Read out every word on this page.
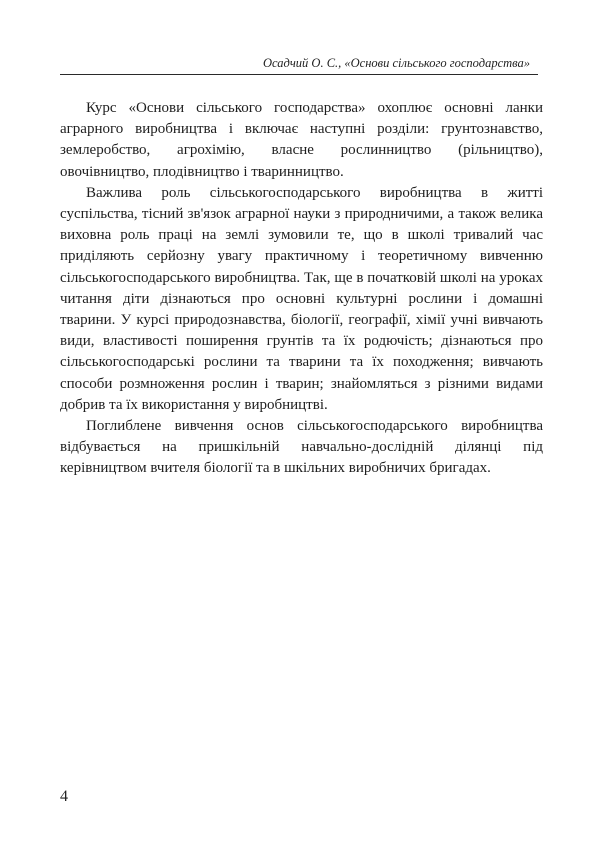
Осадчий О. С., «Основи сільського господарства»

Курс «Основи сільського господарства» охоплює основні ланки аграрного виробництва і включає наступні розділи: грунтознавство, землеробство, агрохімію, власне рослинництво (рільництво), овочівництво, плодівництво і тваринництво.

Важлива роль сільськогосподарського виробництва в житті суспільства, тісний зв'язок аграрної науки з природничими, а також велика виховна роль праці на землі зумовили те, що в школі тривалий час приділяють серйозну увагу практичному і теоретичному вивченню сільськогосподарського виробництва. Так, ще в початковій школі на уроках читання діти дізнаються про основні культурні рослини і домашні тварини. У курсі природознавства, біології, географії, хімії учні вивчають види, властивості поширення грунтів та їх родючість; дізнаються про сільськогосподарські рослини та тварини та їх походження; вивчають способи розмноження рослин і тварин; знайомляться з різними видами добрив та їх використання у виробництві.

Поглиблене вивчення основ сільськогосподарського виробництва відбувається на пришкільній навчально-дослідній ділянці під керівництвом вчителя біології та в шкільних виробничих бригадах.

4
